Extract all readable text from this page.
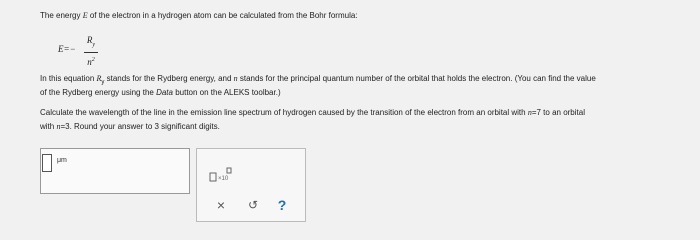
The energy E of the electron in a hydrogen atom can be calculated from the Bohr formula:
E=−
$R_y$
$n^2$
In this equation $R_y$ stands for the Rydberg energy, and n stands for the principal quantum number of the orbital that holds the electron. (You can find the value
of the Rydberg energy using the Data button on the ALEKS toolbar.)
Calculate the wavelength of the line in the emission line spectrum of hydrogen caused by the transition of the electron from an orbital with n=7 to an orbital
with n=3. Round your answer to 3 significant digits.
μm
×10
× ↺ ?
